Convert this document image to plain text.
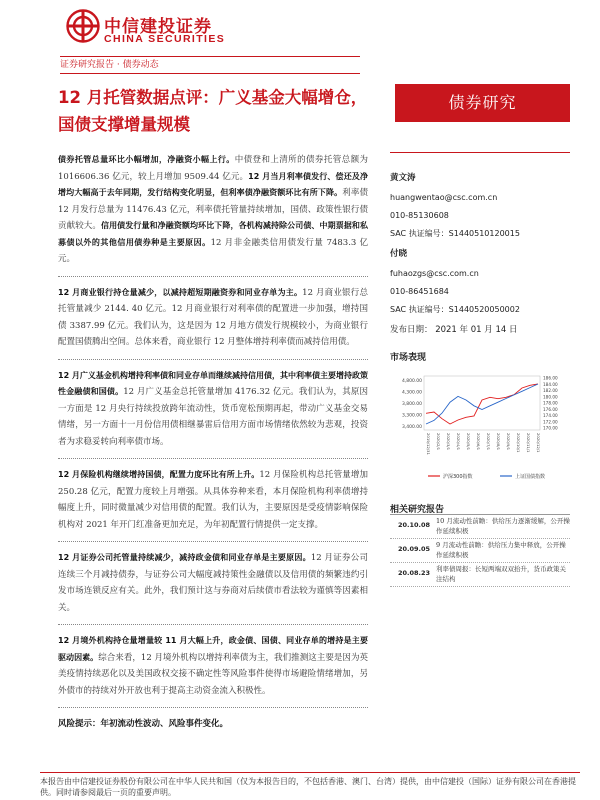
中信建投证券
CHINA SECURITIES
证券研究报告 · 债券动态
12 月托管数据点评：广义基金大幅增仓，国债支撑增量规模
债券研究
债券托管总量环比小幅增加，净融资小幅上行。中债登和上清所的债券托管总额为 1016606.36 亿元，较上月增加 9509.44 亿元。12 月当月利率债发行、偿还及净增均大幅高于去年同期，发行结构变化明显，但利率债净融资额环比有所下降。利率债 12 月发行总量为 11476.43 亿元，利率债托管量持续增加，国债、政策性银行债贡献较大。信用债发行量和净融资额均环比下降，各机构减持除公司债、中期票据和私募债以外的其他信用债券种是主要原因。12 月非金融类信用债发行量 7483.3 亿元。
12 月商业银行持仓量减少，以减持超短期融资券和同业存单为主。12 月商业银行总托管量减少 2144. 40 亿元。12 月商业银行对利率债的配置进一步加强，增持国债 3387.99 亿元。我们认为，这是因为 12 月地方债发行规模较小，为商业银行配置国债腾出空间。总体来看，商业银行 12 月整体增持利率债而减持信用债。
12 月广义基金机构增持利率债和同业存单而继续减持信用债，其中利率债主要增持政策性金融债和国债。12 月广义基金总托管量增加 4176.32 亿元。我们认为，其原因一方面是 12 月央行持续投放跨年流动性，货币宽松预期再起，带动广义基金交易情绪，另一方面十一月份信用债相继暴雷后信用方面市场情绪依然较为悲观，投资者为求稳妥转向利率债市场。
12 月保险机构继续增持国债，配置力度环比有所上升。12 月保险机构总托管量增加 250.28 亿元，配置力度较上月增强。从具体券种来看，本月保险机构利率债增持幅度上升，同时微量减少对信用债的配置。我们认为，主要原因是受疫情影响保险机构对 2021 年开门红准备更加充足，为年初配置行情提供一定支撑。
12 月证券公司托管量持续减少，减持政金债和同业存单是主要原因。12 月证券公司连续三个月减持债券，与证券公司大幅度减持策性金融债以及信用债的频繁违约引发市场连锁反应有关。此外，我们预计这与券商对后续债市看法较为谨慎等因素相关。
12 月境外机构持仓量增量较 11 月大幅上升，政金债、国债、同业存单的增持是主要驱动因素。综合来看，12 月境外机构以增持利率债为主，我们推测这主要是因为英美疫情持续恶化以及美国政权交接不确定性等风险事件使得市场避险情绪增加，另外债市的持续对外开放也利于提高主动资金流入积极性。
风险提示：年初流动性波动、风险事件变化。
黄文涛
huangwentao@csc.com.cn
010-85130608
SAC 执证编号：S1440510120015
付晓
fuhaozgs@csc.com.cn
010-86451684
SAC 执证编号：S1440520050002
发布日期： 2021 年 01 月 14 日
市场表现
4,800.00
4,300.00
3,800.00
3,300.00
3,400.00
186.00
184.00
182.00
180.00
178.00
176.00
174.00
172.00
170.00
2019/12/31 2020/2/1 2020/3/1 2020/4/1 2020/5/1 2020/6/1 2020/7/1 2020/8/1 2020/9/1 2020/10/1 2020/11/1 2020/12/1
沪深300指数	上证国债指数
相关研究报告
20.10.08 10 月流动性前瞻：供给压力逐渐缓解，公开操作延续积极
20.09.05 9 月流动性前瞻：供给压力集中释放，公开操作延续积极
20.08.23 利率债周报：长短两端双双抬升，货币政策关注结构
本报告由中信建投证券股份有限公司在中华人民共和国（仅为本报告目的，不包括香港、澳门、台湾）提供，由中信建投（国际）证券有限公司在香港提供。同时请参阅最后一页的重要声明。
